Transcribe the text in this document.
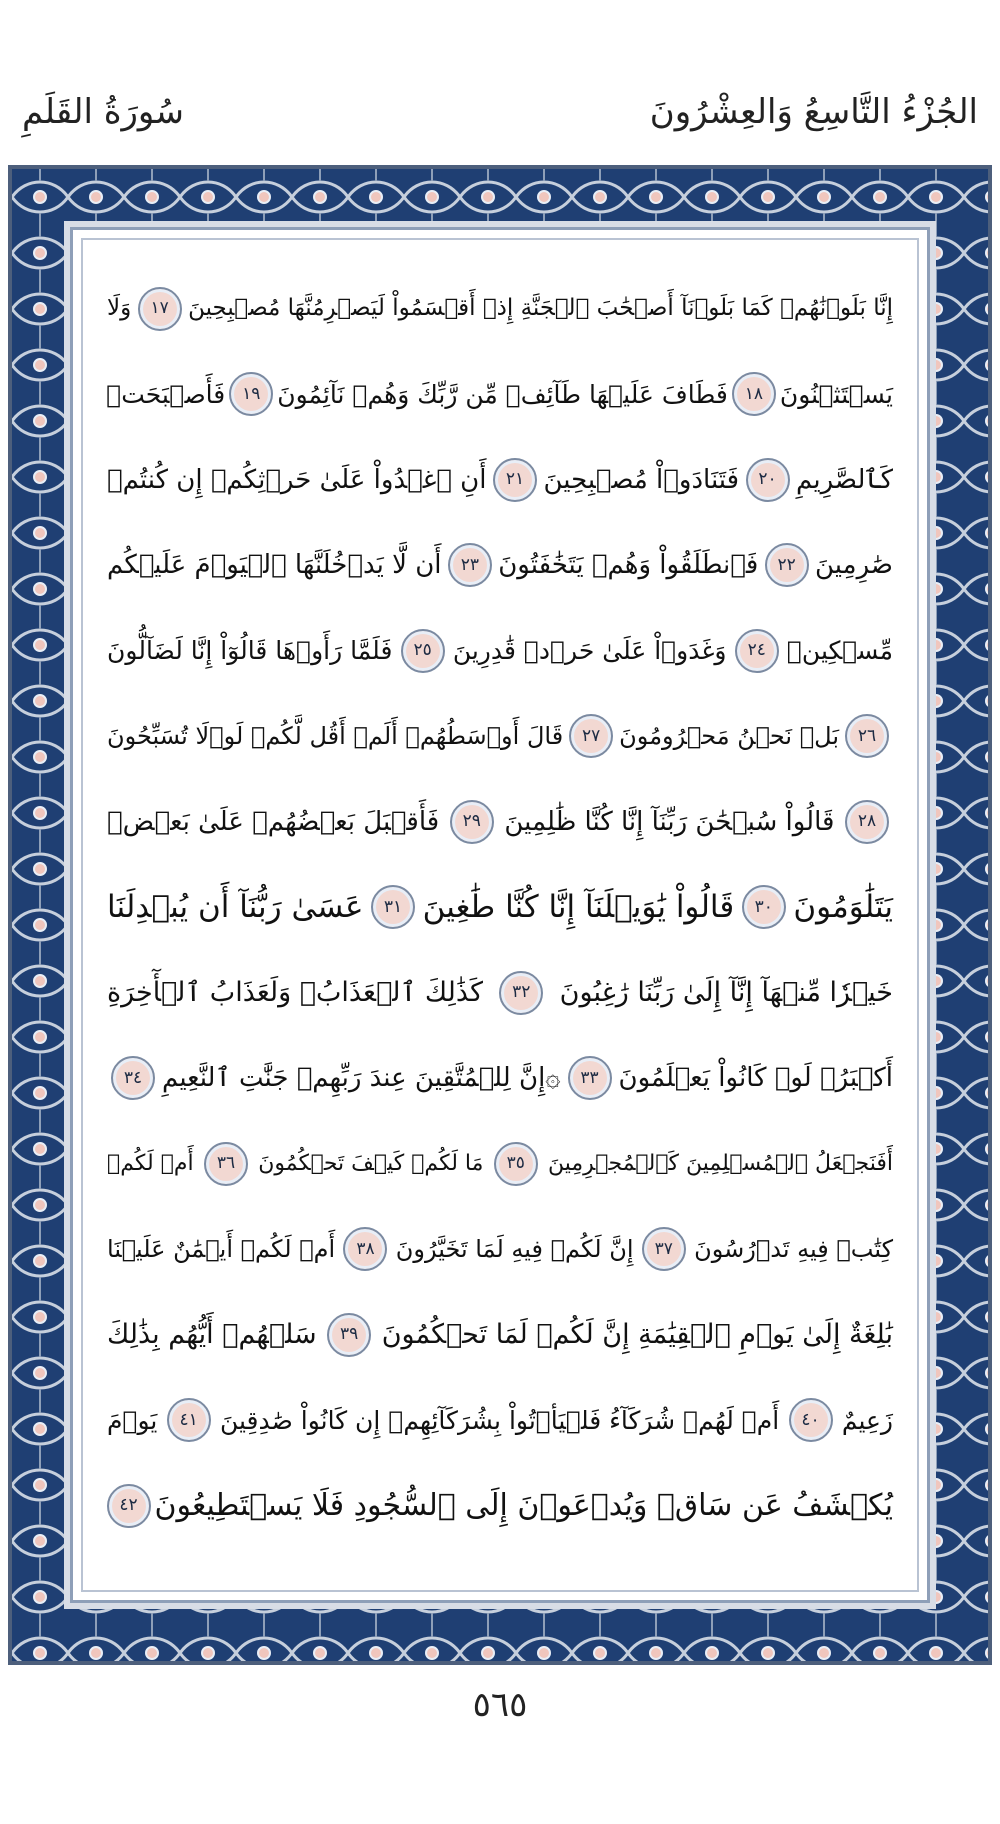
سُورَةُ القَلَمِ	الجُزْءُ التَّاسِعُ وَالعِشْرُونَ
إِنَّا بَلَوۡنَٰهُمۡ كَمَا بَلَوۡنَآ أَصۡحَٰبَ ٱلۡجَنَّةِ إِذۡ أَقۡسَمُواْ لَيَصۡرِمُنَّهَا مُصۡبِحِينَ
١٧
وَلَا
يَسۡتَثۡنُونَ
١٨
فَطَافَ عَلَيۡهَا طَآئِفٞ مِّن رَّبِّكَ وَهُمۡ نَآئِمُونَ
١٩
فَأَصۡبَحَتۡ
كَٱلصَّرِيمِ
٢٠
فَتَنَادَوۡاْ مُصۡبِحِينَ
٢١
أَنِ ٱغۡدُواْ عَلَىٰ حَرۡثِكُمۡ إِن كُنتُمۡ
صَٰرِمِينَ
٢٢
فَٱنطَلَقُواْ وَهُمۡ يَتَخَٰفَتُونَ
٢٣
أَن لَّا يَدۡخُلَنَّهَا ٱلۡيَوۡمَ عَلَيۡكُم
مِّسۡكِينٞ
٢٤
وَغَدَوۡاْ عَلَىٰ حَرۡدٖ قَٰدِرِينَ
٢٥
فَلَمَّا رَأَوۡهَا قَالُوٓاْ إِنَّا لَضَآلُّونَ
٢٦
بَلۡ نَحۡنُ مَحۡرُومُونَ
٢٧
قَالَ أَوۡسَطُهُمۡ أَلَمۡ أَقُل لَّكُمۡ لَوۡلَا تُسَبِّحُونَ
٢٨
قَالُواْ سُبۡحَٰنَ رَبِّنَآ إِنَّا كُنَّا ظَٰلِمِينَ
٢٩
فَأَقۡبَلَ بَعۡضُهُمۡ عَلَىٰ بَعۡضٖ
يَتَلَٰوَمُونَ
٣٠
قَالُواْ يَٰوَيۡلَنَآ إِنَّا كُنَّا طَٰغِينَ
٣١
عَسَىٰ رَبُّنَآ أَن يُبۡدِلَنَا
خَيۡرٗا مِّنۡهَآ إِنَّآ إِلَىٰ رَبِّنَا رَٰغِبُونَ
٣٢
كَذَٰلِكَ ٱلۡعَذَابُۖ وَلَعَذَابُ ٱلۡأٓخِرَةِ
أَكۡبَرُۚ لَوۡ كَانُواْ يَعۡلَمُونَ
٣٣
۞إِنَّ لِلۡمُتَّقِينَ عِندَ رَبِّهِمۡ جَنَّٰتِ ٱلنَّعِيمِ
٣٤
أَفَنَجۡعَلُ ٱلۡمُسۡلِمِينَ كَٱلۡمُجۡرِمِينَ
٣٥
مَا لَكُمۡ كَيۡفَ تَحۡكُمُونَ
٣٦
أَمۡ لَكُمۡ
كِتَٰبٞ فِيهِ تَدۡرُسُونَ
٣٧
إِنَّ لَكُمۡ فِيهِ لَمَا تَخَيَّرُونَ
٣٨
أَمۡ لَكُمۡ أَيۡمَٰنٌ عَلَيۡنَا
بَٰلِغَةٌ إِلَىٰ يَوۡمِ ٱلۡقِيَٰمَةِ إِنَّ لَكُمۡ لَمَا تَحۡكُمُونَ
٣٩
سَلۡهُمۡ أَيُّهُم بِذَٰلِكَ
زَعِيمٌ
٤٠
أَمۡ لَهُمۡ شُرَكَآءُ فَلۡيَأۡتُواْ بِشُرَكَآئِهِمۡ إِن كَانُواْ صَٰدِقِينَ
٤١
يَوۡمَ
يُكۡشَفُ عَن سَاقٖ وَيُدۡعَوۡنَ إِلَى ٱلسُّجُودِ فَلَا يَسۡتَطِيعُونَ
٤٢
٥٦٥
